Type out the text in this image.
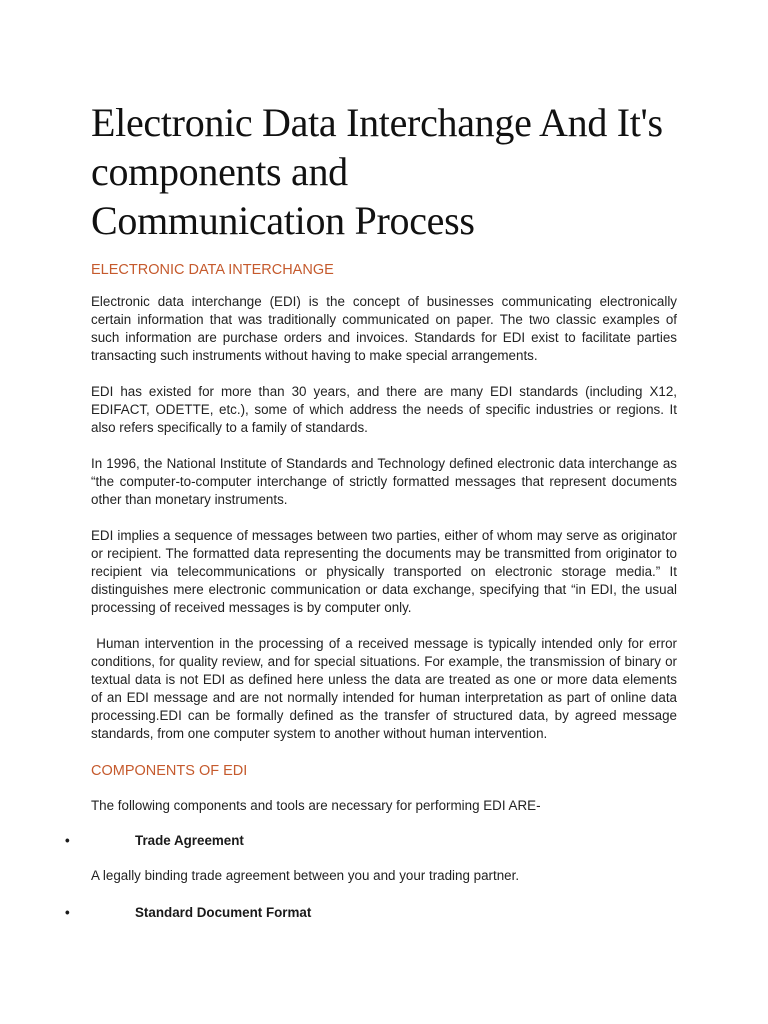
Electronic Data Interchange And It's
components and
Communication Process
ELECTRONIC DATA INTERCHANGE

Electronic data interchange (EDI) is the concept of businesses communicating electronically certain information that was traditionally communicated on paper. The two classic examples of such information are purchase orders and invoices. Standards for EDI exist to facilitate parties transacting such instruments without having to make special arrangements.

EDI has existed for more than 30 years, and there are many EDI standards (including X12, EDIFACT, ODETTE, etc.), some of which address the needs of specific industries or regions. It also refers specifically to a family of standards.

In 1996, the National Institute of Standards and Technology defined electronic data interchange as “the computer-to-computer interchange of strictly formatted messages that represent documents other than monetary instruments.

EDI implies a sequence of messages between two parties, either of whom may serve as originator or recipient. The formatted data representing the documents may be transmitted from originator to recipient via telecommunications or physically transported on electronic storage media.” It distinguishes mere electronic communication or data exchange, specifying that “in EDI, the usual processing of received messages is by computer only.

Human intervention in the processing of a received message is typically intended only for error conditions, for quality review, and for special situations. For example, the transmission of binary or textual data is not EDI as defined here unless the data are treated as one or more data elements of an EDI message and are not normally intended for human interpretation as part of online data processing.EDI can be formally defined as the transfer of structured data, by agreed message standards, from one computer system to another without human intervention.

COMPONENTS OF EDI

The following components and tools are necessary for performing EDI ARE-

•	Trade Agreement

A legally binding trade agreement between you and your trading partner.

•	Standard Document Format
